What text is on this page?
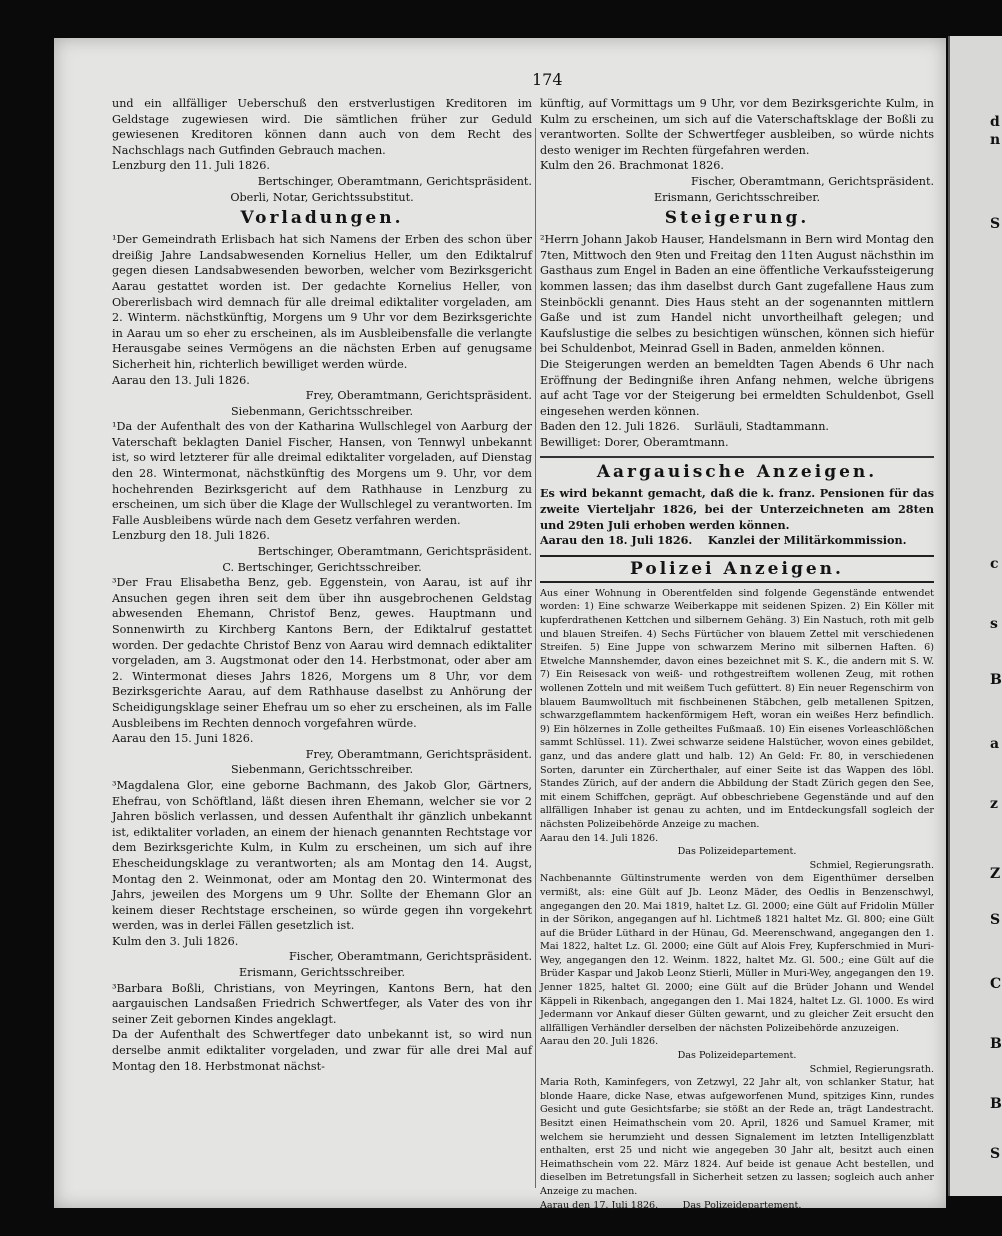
174

und ein allfälliger Ueberschuß den erstverlustigen Kreditoren im Geldstage zugewiesen wird. Die sämtlichen früher zur Geduld gewiesenen Kreditoren können dann auch von dem Recht des Nachschlags nach Gutfinden Gebrauch machen.

Lenzburg den 11. Juli 1826.

Bertschinger, Oberamtmann, Gerichtspräsident.

Oberli, Notar, Gerichtssubstitut.

Vorladungen.

¹Der Gemeindrath Erlisbach hat sich Namens der Erben des schon über dreißig Jahre Landsabwesenden Kornelius Heller, um den Ediktalruf gegen diesen Landsabwesenden beworben, welcher vom Bezirksgericht Aarau gestattet worden ist. Der gedachte Kornelius Heller, von Obererlisbach wird demnach für alle dreimal ediktaliter vorgeladen, am 2. Winterm. nächstkünftig, Morgens um 9 Uhr vor dem Bezirksgerichte in Aarau um so eher zu erscheinen, als im Ausbleibensfalle die verlangte Herausgabe seines Vermögens an die nächsten Erben auf genugsame Sicherheit hin, richterlich bewilliget werden würde.

Aarau den 13. Juli 1826.

Frey, Oberamtmann, Gerichtspräsident.

Siebenmann, Gerichtsschreiber.

¹Da der Aufenthalt des von der Katharina Wullschlegel von Aarburg der Vaterschaft beklagten Daniel Fischer, Hansen, von Tennwyl unbekannt ist, so wird letzterer für alle dreimal ediktaliter vorgeladen, auf Dienstag den 28. Wintermonat, nächstkünftig des Morgens um 9. Uhr, vor dem hochehrenden Bezirksgericht auf dem Rathhause in Lenzburg zu erscheinen, um sich über die Klage der Wullschlegel zu verantworten. Im Falle Ausbleibens würde nach dem Gesetz verfahren werden.

Lenzburg den 18. Juli 1826.

Bertschinger, Oberamtmann, Gerichtspräsident.

C. Bertschinger, Gerichtsschreiber.

³Der Frau Elisabetha Benz, geb. Eggenstein, von Aarau, ist auf ihr Ansuchen gegen ihren seit dem über ihn ausgebrochenen Geldstag abwesenden Ehemann, Christof Benz, gewes. Hauptmann und Sonnenwirth zu Kirchberg Kantons Bern, der Ediktalruf gestattet worden. Der gedachte Christof Benz von Aarau wird demnach ediktaliter vorgeladen, am 3. Augstmonat oder den 14. Herbstmonat, oder aber am 2. Wintermonat dieses Jahrs 1826, Morgens um 8 Uhr, vor dem Bezirksgerichte Aarau, auf dem Rathhause daselbst zu Anhörung der Scheidigungsklage seiner Ehefrau um so eher zu erscheinen, als im Falle Ausbleibens im Rechten dennoch vorgefahren würde.

Aarau den 15. Juni 1826.

Frey, Oberamtmann, Gerichtspräsident.

Siebenmann, Gerichtsschreiber.

³Magdalena Glor, eine geborne Bachmann, des Jakob Glor, Gärtners, Ehefrau, von Schöftland, läßt diesen ihren Ehemann, welcher sie vor 2 Jahren böslich verlassen, und dessen Aufenthalt ihr gänzlich unbekannt ist, ediktaliter vorladen, an einem der hienach genannten Rechtstage vor dem Bezirksgerichte Kulm, in Kulm zu erscheinen, um sich auf ihre Ehescheidungsklage zu verantworten; als am Montag den 14. Augst, Montag den 2. Weinmonat, oder am Montag den 20. Wintermonat des Jahrs, jeweilen des Morgens um 9 Uhr. Sollte der Ehemann Glor an keinem dieser Rechtstage erscheinen, so würde gegen ihn vorgekehrt werden, was in derlei Fällen gesetzlich ist.

Kulm den 3. Juli 1826.

Fischer, Oberamtmann, Gerichtspräsident.

Erismann, Gerichtsschreiber.

³Barbara Boßli, Christians, von Meyringen, Kantons Bern, hat den aargauischen Landsaßen Friedrich Schwertfeger, als Vater des von ihr seiner Zeit gebornen Kindes angeklagt.

Da der Aufenthalt des Schwertfeger dato unbekannt ist, so wird nun derselbe anmit ediktaliter vorgeladen, und zwar für alle drei Mal auf Montag den 18. Herbstmonat nächst-

künftig, auf Vormittags um 9 Uhr, vor dem Bezirksgerichte Kulm, in Kulm zu erscheinen, um sich auf die Vaterschaftsklage der Boßli zu verantworten. Sollte der Schwertfeger ausbleiben, so würde nichts desto weniger im Rechten fürgefahren werden.

Kulm den 26. Brachmonat 1826.

Fischer, Oberamtmann, Gerichtspräsident.

Erismann, Gerichtsschreiber.

Steigerung.

²Herrn Johann Jakob Hauser, Handelsmann in Bern wird Montag den 7ten, Mittwoch den 9ten und Freitag den 11ten August nächsthin im Gasthaus zum Engel in Baden an eine öffentliche Verkaufssteigerung kommen lassen; das ihm daselbst durch Gant zugefallene Haus zum Steinböckli genannt. Dies Haus steht an der sogenannten mittlern Gaße und ist zum Handel nicht unvortheilhaft gelegen; und Kaufslustige die selbes zu besichtigen wünschen, können sich hiefür bei Schuldenbot, Meinrad Gsell in Baden, anmelden können.

Die Steigerungen werden an bemeldten Tagen Abends 6 Uhr nach Eröffnung der Bedingniße ihren Anfang nehmen, welche übrigens auf acht Tage vor der Steigerung bei ermeldten Schuldenbot, Gsell eingesehen werden können.

Baden den 12. Juli 1826. Surläuli, Stadtammann.

Bewilliget: Dorer, Oberamtmann.

Aargauische Anzeigen.

Es wird bekannt gemacht, daß die k. franz. Pensionen für das zweite Vierteljahr 1826, bei der Unterzeichneten am 28ten und 29ten Juli erhoben werden können.

Aarau den 18. Juli 1826. Kanzlei der Militärkommission.

Polizei Anzeigen.

Aus einer Wohnung in Oberentfelden sind folgende Gegenstände entwendet worden: 1) Eine schwarze Weiberkappe mit seidenen Spizen. 2) Ein Köller mit kupferdrathenen Kettchen und silbernem Gehäng. 3) Ein Nastuch, roth mit gelb und blauen Streifen. 4) Sechs Fürtücher von blauem Zettel mit verschiedenen Streifen. 5) Eine Juppe von schwarzem Merino mit silbernen Haften. 6) Etwelche Mannshemder, davon eines bezeichnet mit S. K., die andern mit S. W. 7) Ein Reisesack von weiß- und rothgestreiftem wollenen Zeug, mit rothen wollenen Zotteln und mit weißem Tuch gefüttert. 8) Ein neuer Regenschirm von blauem Baumwolltuch mit fischbeinenen Stäbchen, gelb metallenen Spitzen, schwarzgeflammtem hackenförmigem Heft, woran ein weißes Herz befindlich. 9) Ein hölzernes in Zolle getheiltes Fußmaaß. 10) Ein eisenes Vorleaschlößchen sammt Schlüssel. 11). Zwei schwarze seidene Halstücher, wovon eines gebildet, ganz, und das andere glatt und halb. 12) An Geld: Fr. 80, in verschiedenen Sorten, darunter ein Zürcherthaler, auf einer Seite ist das Wappen des löbl. Standes Zürich, auf der andern die Abbildung der Stadt Zürich gegen den See, mit einem Schiffchen, geprägt. Auf obbeschriebene Gegenstände und auf den allfälligen Inhaber ist genau zu achten, und im Entdeckungsfall sogleich der nächsten Polizeibehörde Anzeige zu machen.

Aarau den 14. Juli 1826.

Das Polizeidepartement.

Schmiel, Regierungsrath.

Nachbenannte Gültinstrumente werden von dem Eigenthümer derselben vermißt, als: eine Gült auf Jb. Leonz Mäder, des Oedlis in Benzenschwyl, angegangen den 20. Mai 1819, haltet Lz. Gl. 2000; eine Gült auf Fridolin Müller in der Sörikon, angegangen auf hl. Lichtmeß 1821 haltet Mz. Gl. 800; eine Gült auf die Brüder Lüthard in der Hünau, Gd. Meerenschwand, angegangen den 1. Mai 1822, haltet Lz. Gl. 2000; eine Gült auf Alois Frey, Kupferschmied in Muri-Wey, angegangen den 12. Weinm. 1822, haltet Mz. Gl. 500.; eine Gült auf die Brüder Kaspar und Jakob Leonz Stierli, Müller in Muri-Wey, angegangen den 19. Jenner 1825, haltet Gl. 2000; eine Gült auf die Brüder Johann und Wendel Käppeli in Rikenbach, angegangen den 1. Mai 1824, haltet Lz. Gl. 1000. Es wird Jedermann vor Ankauf dieser Gülten gewarnt, und zu gleicher Zeit ersucht den allfälligen Verhändler derselben der nächsten Polizeibehörde anzuzeigen.

Aarau den 20. Juli 1826.

Das Polizeidepartement.

Schmiel, Regierungsrath.

Maria Roth, Kaminfegers, von Zetzwyl, 22 Jahr alt, von schlanker Statur, hat blonde Haare, dicke Nase, etwas aufgeworfenen Mund, spitziges Kinn, rundes Gesicht und gute Gesichtsfarbe; sie stößt an der Rede an, trägt Landestracht. Besitzt einen Heimathschein vom 20. April, 1826 und Samuel Kramer, mit welchem sie herumzieht und dessen Signalement im letzten Intelligenzblatt enthalten, erst 25 und nicht wie angegeben 30 Jahr alt, besitzt auch einen Heimathschein vom 22. März 1824. Auf beide ist genaue Acht bestellen, und dieselben im Betretungsfall in Sicherheit setzen zu lassen; sogleich auch anher Anzeige zu machen.

Aarau den 17. Juli 1826.	Das Polizeidepartement.

d
n
S
c
s
B
a
z
Z
S
C
B
B
S
